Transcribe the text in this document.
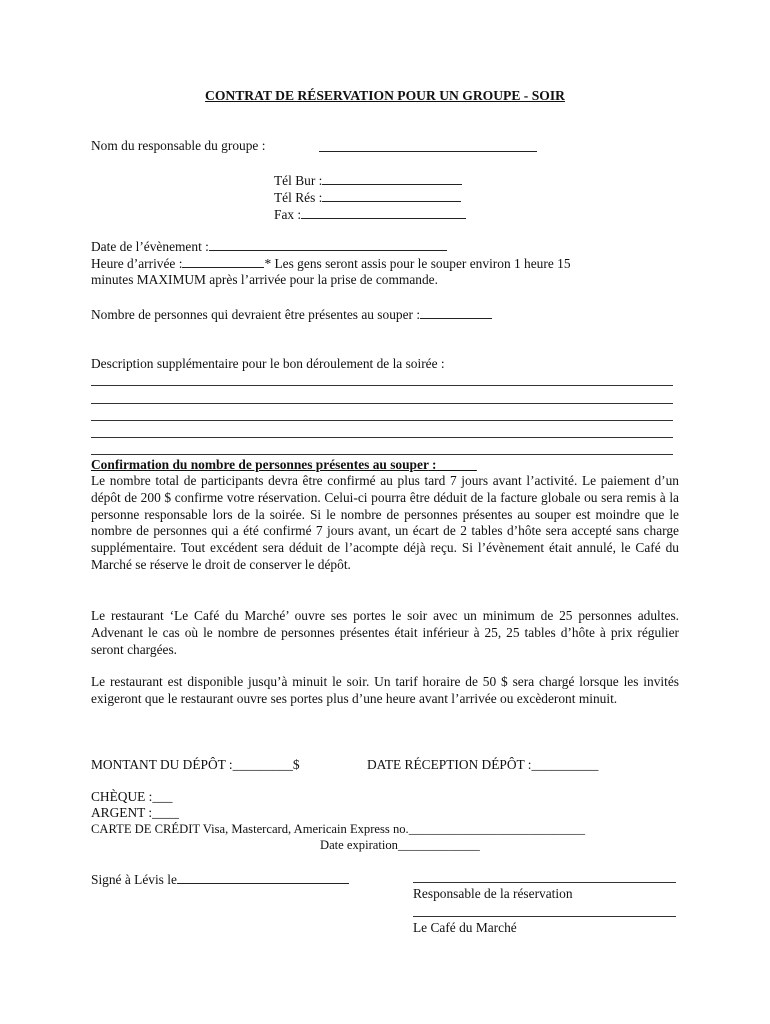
CONTRAT DE RÉSERVATION POUR UN GROUPE - SOIR
Nom du responsable du groupe :
Tél Bur :
Tél Rés :
Fax :
Date de l’évènement :
Heure d’arrivée :	* Les gens seront assis pour le souper environ 1 heure 15
minutes MAXIMUM après l’arrivée pour la prise de commande.
Nombre de personnes qui devraient être présentes au souper :
Description supplémentaire pour le bon déroulement de la soirée :
Confirmation du nombre de personnes présentes au souper :______
Le nombre total de participants devra être confirmé au plus tard 7 jours avant l’activité. Le paiement d’un dépôt de 200 $ confirme votre réservation. Celui-ci pourra être déduit de la facture globale ou sera remis à la personne responsable lors de la soirée. Si le nombre de personnes présentes au souper est moindre que le nombre de personnes qui a été confirmé 7 jours avant, un écart de 2 tables d’hôte sera accepté sans charge supplémentaire. Tout excédent sera déduit de l’acompte déjà reçu. Si l’évènement était annulé, le Café du Marché se réserve le droit de conserver le dépôt.
Le restaurant ‘Le Café du Marché’ ouvre ses portes le soir avec un minimum de 25 personnes adultes. Advenant le cas où le nombre de personnes présentes était inférieur à 25, 25 tables d’hôte à prix régulier seront chargées.
Le restaurant est disponible jusqu’à minuit le soir. Un tarif horaire de 50 $ sera chargé lorsque les invités exigeront que le restaurant ouvre ses portes plus d’une heure avant l’arrivée ou excèderont minuit.
MONTANT DU DÉPÔT :_________$	DATE RÉCEPTION DÉPÔT :__________
CHÈQUE :___
ARGENT :____
CARTE DE CRÉDIT Visa, Mastercard, Americain Express no.____________________________
Date expiration_____________
Signé à Lévis le
Responsable de la réservation
Le Café du Marché
